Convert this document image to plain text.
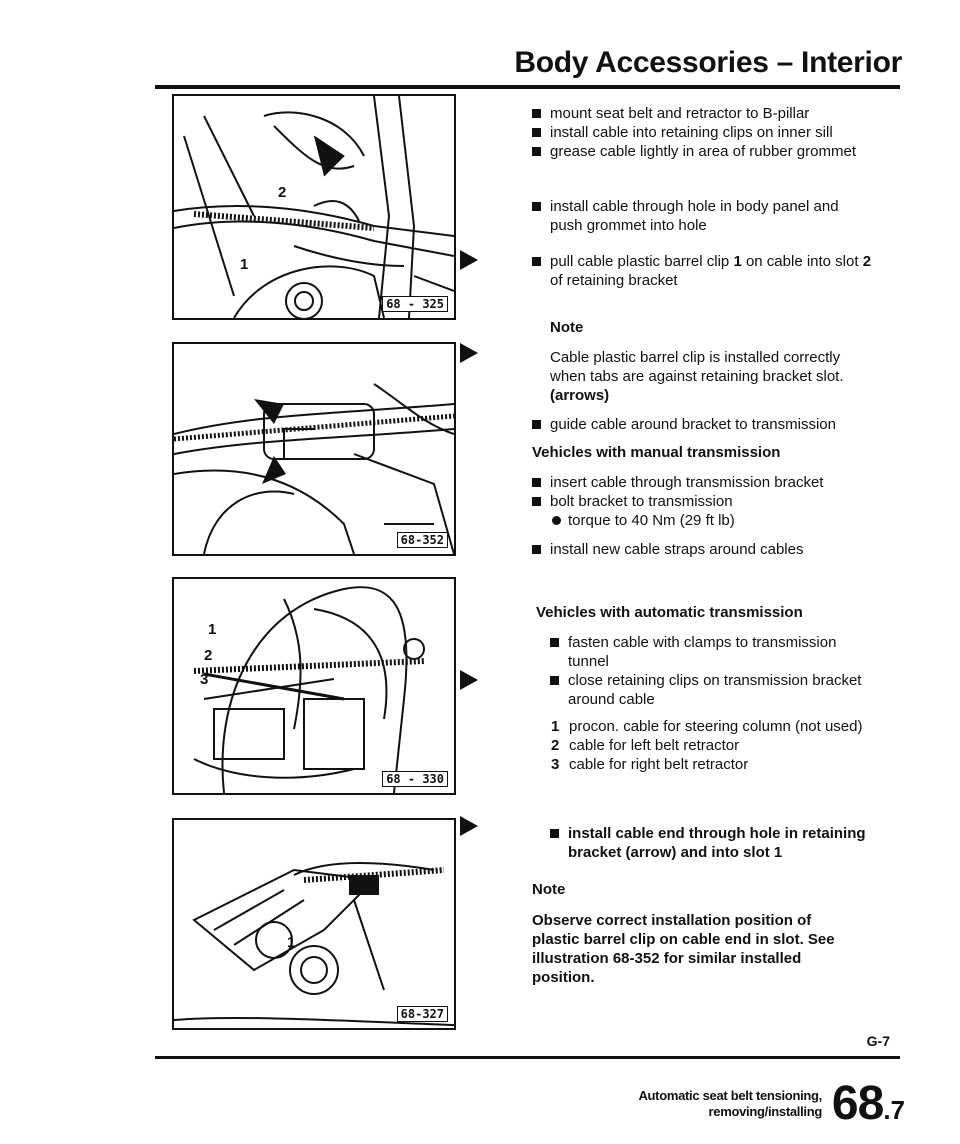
Body Accessories – Interior
2
1
68 - 325
68-352
1
2
3
68 - 330
1
68-327
mount seat belt and retractor to B-pillar
install cable into retaining clips on inner sill
grease cable lightly in area of rubber grommet
install cable through hole in body panel and push grommet into hole
pull cable plastic barrel clip 1 on cable into slot 2 of retaining bracket
Note
Cable plastic barrel clip is installed correctly when tabs are against retaining bracket slot. (arrows)
guide cable around bracket to transmission
Vehicles with manual transmission
insert cable through transmission bracket
bolt bracket to transmission
torque to 40 Nm (29 ft lb)
install new cable straps around cables
Vehicles with automatic transmission
fasten cable with clamps to transmission tunnel
close retaining clips on transmission bracket around cable
1 procon. cable for steering column (not used)
2 cable for left belt retractor
3 cable for right belt retractor
install cable end through hole in retaining bracket (arrow) and into slot 1
Note
Observe correct installation position of plastic barrel clip on cable end in slot. See illustration 68-352 for similar installed position.
G-7
Automatic seat belt tensioning,
removing/installing 68.7
